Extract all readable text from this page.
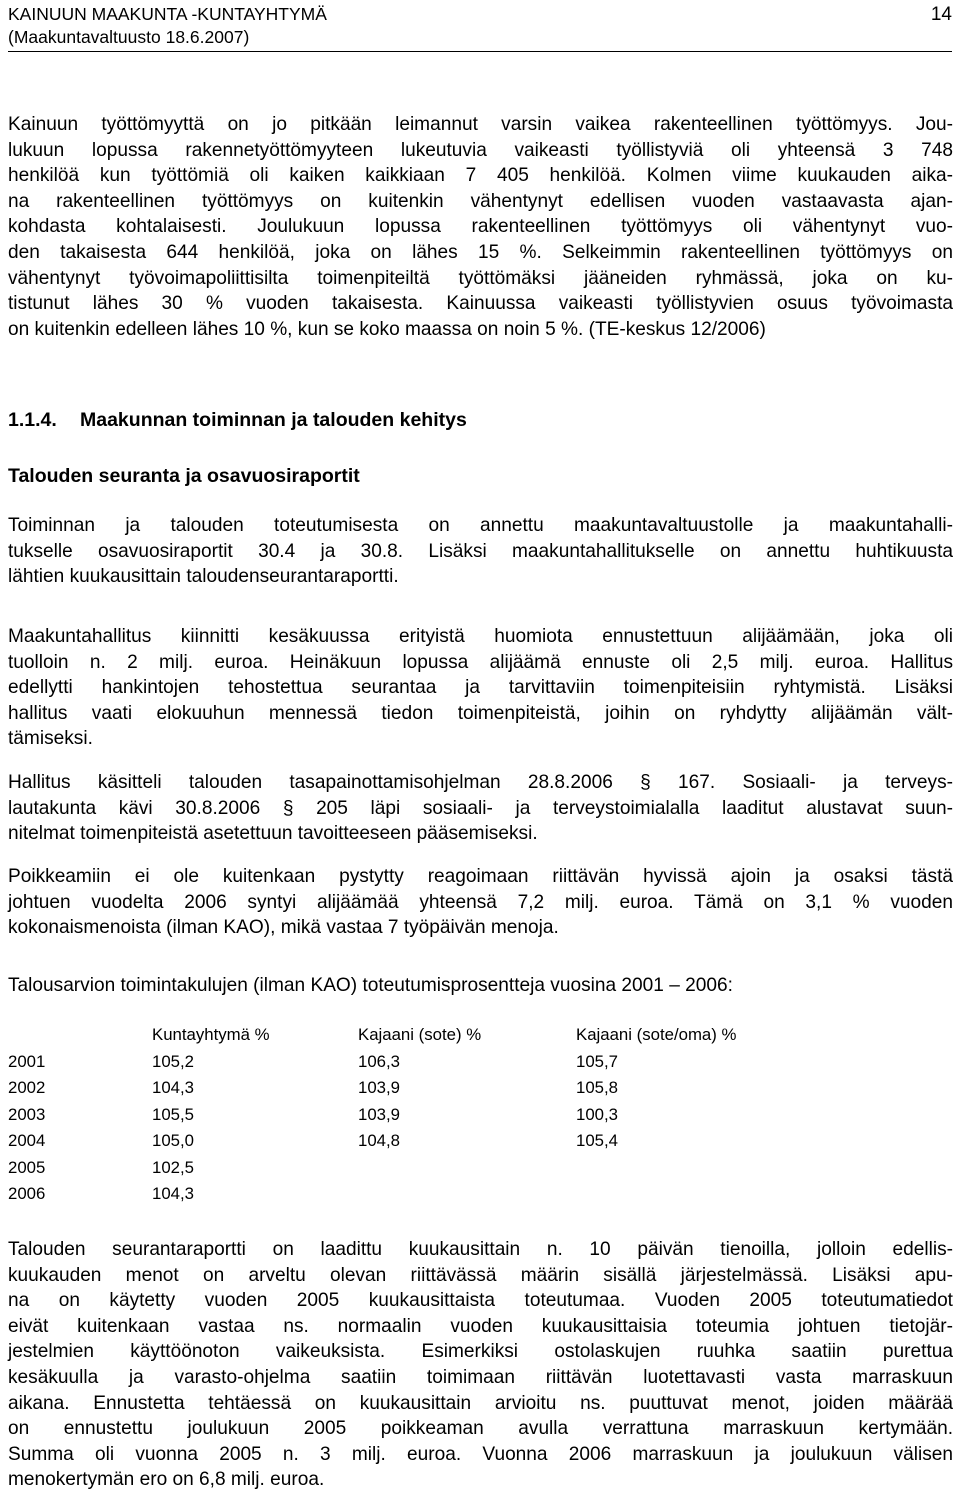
KAINUUN MAAKUNTA -KUNTAYHTYMÄ
(Maakuntavaltuusto 18.6.2007)
14
Kainuun työttömyyttä on jo pitkään leimannut varsin vaikea rakenteellinen työttömyys. Jou-
lukuun lopussa rakennetyöttömyyteen lukeutuvia vaikeasti työllistyviä oli yhteensä 3 748
henkilöä kun työttömiä oli kaiken kaikkiaan 7 405 henkilöä. Kolmen viime kuukauden aika-
na rakenteellinen työttömyys on kuitenkin vähentynyt edellisen vuoden vastaavasta ajan-
kohdasta kohtalaisesti. Joulukuun lopussa rakenteellinen työttömyys oli vähentynyt vuo-
den takaisesta 644 henkilöä, joka on lähes 15 %. Selkeimmin rakenteellinen työttömyys on
vähentynyt työvoimapoliittisilta toimenpiteiltä työttömäksi jääneiden ryhmässä, joka on ku-
tistunut lähes 30 % vuoden takaisesta. Kainuussa vaikeasti työllistyvien osuus työvoimasta
on kuitenkin edelleen lähes 10 %, kun se koko maassa on noin 5 %. (TE-keskus 12/2006)
1.1.4. Maakunnan toiminnan ja talouden kehitys
Talouden seuranta ja osavuosiraportit
Toiminnan ja talouden toteutumisesta on annettu maakuntavaltuustolle ja maakuntahalli-
tukselle osavuosiraportit 30.4 ja 30.8. Lisäksi maakuntahallitukselle on annettu huhtikuusta
lähtien kuukausittain taloudenseurantaraportti.
Maakuntahallitus kiinnitti kesäkuussa erityistä huomiota ennustettuun alijäämään, joka oli
tuolloin n. 2 milj. euroa. Heinäkuun lopussa alijäämä ennuste oli 2,5 milj. euroa. Hallitus
edellytti hankintojen tehostettua seurantaa ja tarvittaviin toimenpiteisiin ryhtymistä. Lisäksi
hallitus vaati elokuuhun mennessä tiedon toimenpiteistä, joihin on ryhdytty alijäämän vält-
tämiseksi.
Hallitus käsitteli talouden tasapainottamisohjelman 28.8.2006 § 167. Sosiaali- ja terveys-
lautakunta kävi 30.8.2006 § 205 läpi sosiaali- ja terveystoimialalla laaditut alustavat suun-
nitelmat toimenpiteistä asetettuun tavoitteeseen pääsemiseksi.
Poikkeamiin ei ole kuitenkaan pystytty reagoimaan riittävän hyvissä ajoin ja osaksi tästä
johtuen vuodelta 2006 syntyi alijäämää yhteensä 7,2 milj. euroa. Tämä on 3,1 % vuoden
kokonaismenoista (ilman KAO), mikä vastaa 7 työpäivän menoja.
Talousarvion toimintakulujen (ilman KAO) toteutumisprosentteja vuosina 2001 – 2006:
	Kuntayhtymä %	Kajaani (sote) %	Kajaani (sote/oma) %
2001	105,2	106,3	105,7
2002	104,3	103,9	105,8
2003	105,5	103,9	100,3
2004	105,0	104,8	105,4
2005	102,5		
2006	104,3		
Talouden seurantaraportti on laadittu kuukausittain n. 10 päivän tienoilla, jolloin edellis-
kuukauden menot on arveltu olevan riittävässä määrin sisällä järjestelmässä. Lisäksi apu-
na on käytetty vuoden 2005 kuukausittaista toteutumaa. Vuoden 2005 toteutumatiedot
eivät kuitenkaan vastaa ns. normaalin vuoden kuukausittaisia toteumia johtuen tietojär-
jestelmien käyttöönoton vaikeuksista. Esimerkiksi ostolaskujen ruuhka saatiin purettua
kesäkuulla ja varasto-ohjelma saatiin toimimaan riittävän luotettavasti vasta marraskuun
aikana. Ennustetta tehtäessä on kuukausittain arvioitu ns. puuttuvat menot, joiden määrää
on ennustettu joulukuun 2005 poikkeaman avulla verrattuna marraskuun kertymään.
Summa oli vuonna 2005 n. 3 milj. euroa. Vuonna 2006 marraskuun ja joulukuun välisen
menokertymän ero on 6,8 milj. euroa.
